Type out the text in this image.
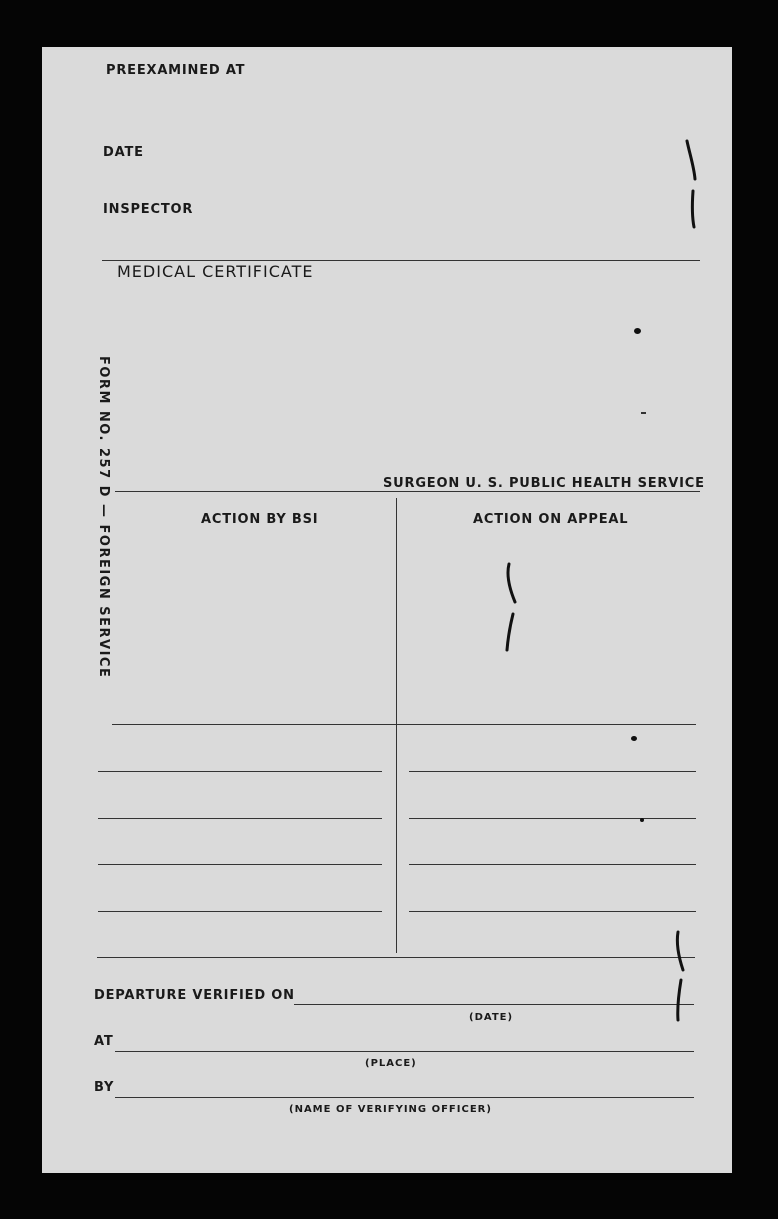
PREEXAMINED AT
DATE
INSPECTOR
MEDICAL CERTIFICATE
SURGEON U. S. PUBLIC HEALTH SERVICE
FORM NO. 257 D — FOREIGN SERVICE	ACTION BY BSI	ACTION ON APPEAL
DEPARTURE VERIFIED ON
(DATE)
AT
(PLACE)
BY
(NAME OF VERIFYING OFFICER)
